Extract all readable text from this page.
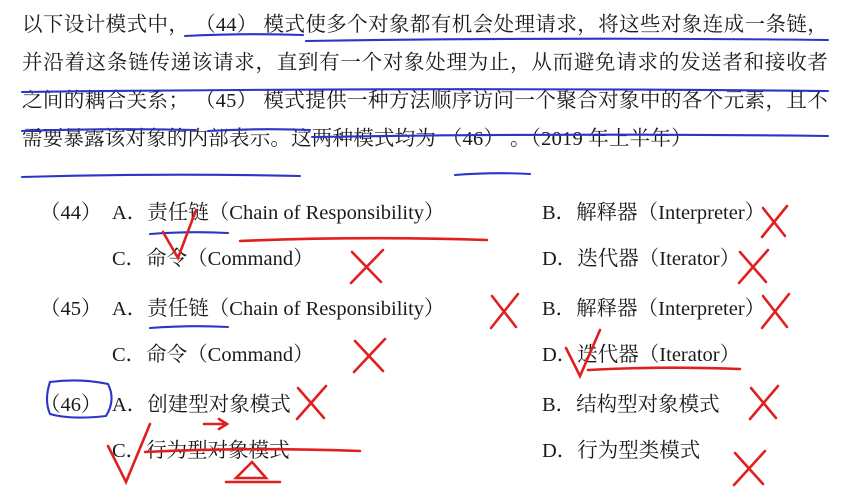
以下设计模式中， （44） 模式使多个对象都有机会处理请求，将这些对象连成一条链，并沿着这条链传递该请求，直到有一个对象处理为止，从而避免请求的发送者和接收者之间的耦合关系； （45） 模式提供一种方法顺序访问一个聚合对象中的各个元素，且不需要暴露该对象的内部表示。这两种模式均为 （46） 。（2019 年上半年）
（44） A．责任链（Chain of Responsibility）	B．解释器（Interpreter）
C．命令（Command）	D．迭代器（Iterator）
（45） A．责任链（Chain of Responsibility）	B．解释器（Interpreter）
C．命令（Command）	D．迭代器（Iterator）
（46） A．创建型对象模式	B．结构型对象模式
C．行为型对象模式	D．行为型类模式
